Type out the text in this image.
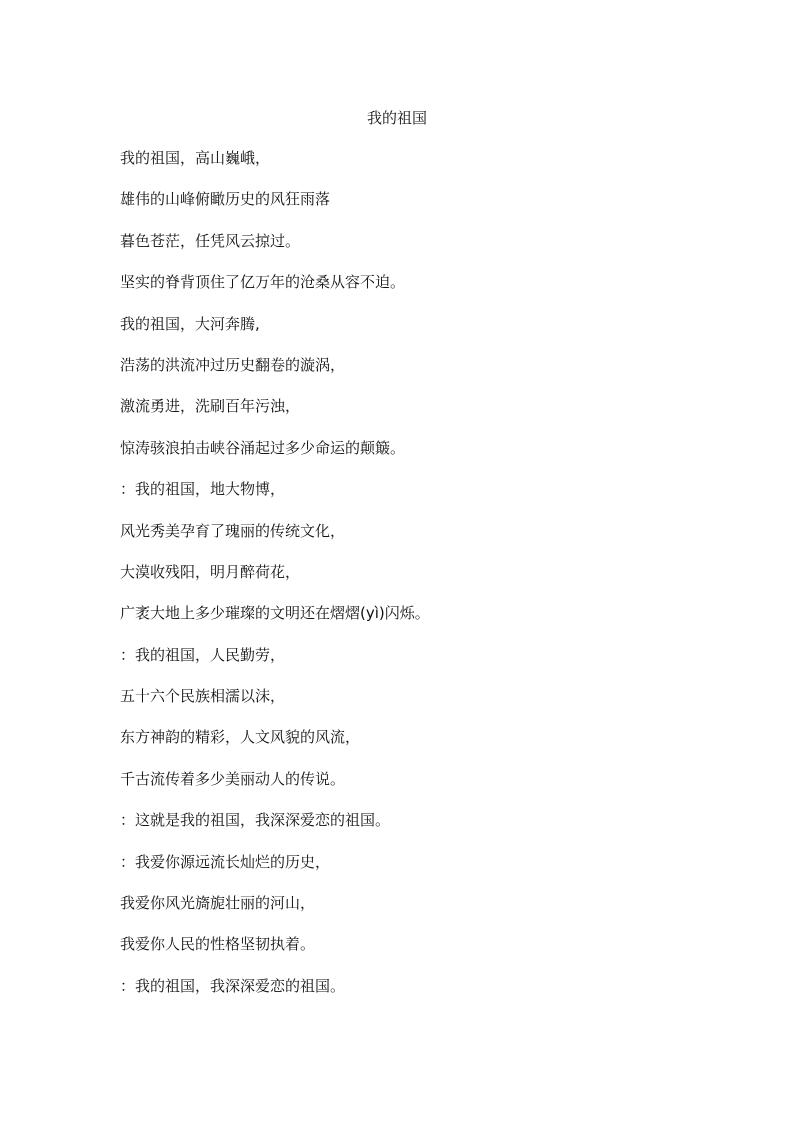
我的祖国
我的祖国，高山巍峨，
雄伟的山峰俯瞰历史的风狂雨落
暮色苍茫，任凭风云掠过。
坚实的脊背顶住了亿万年的沧桑从容不迫。
我的祖国，大河奔腾,
浩荡的洪流冲过历史翻卷的漩涡，
激流勇进，洗刷百年污浊，
惊涛骇浪拍击峡谷涌起过多少命运的颠簸。
：我的祖国，地大物博，
风光秀美孕育了瑰丽的传统文化，
大漠收残阳，明月醉荷花，
广袤大地上多少璀璨的文明还在熠熠(yì)闪烁。
：我的祖国，人民勤劳，
五十六个民族相濡以沫，
东方神韵的精彩，人文风貌的风流，
千古流传着多少美丽动人的传说。
：这就是我的祖国，我深深爱恋的祖国。
：我爱你源远流长灿烂的历史，
我爱你风光旖旎壮丽的河山，
我爱你人民的性格坚韧执着。
：我的祖国，我深深爱恋的祖国。
